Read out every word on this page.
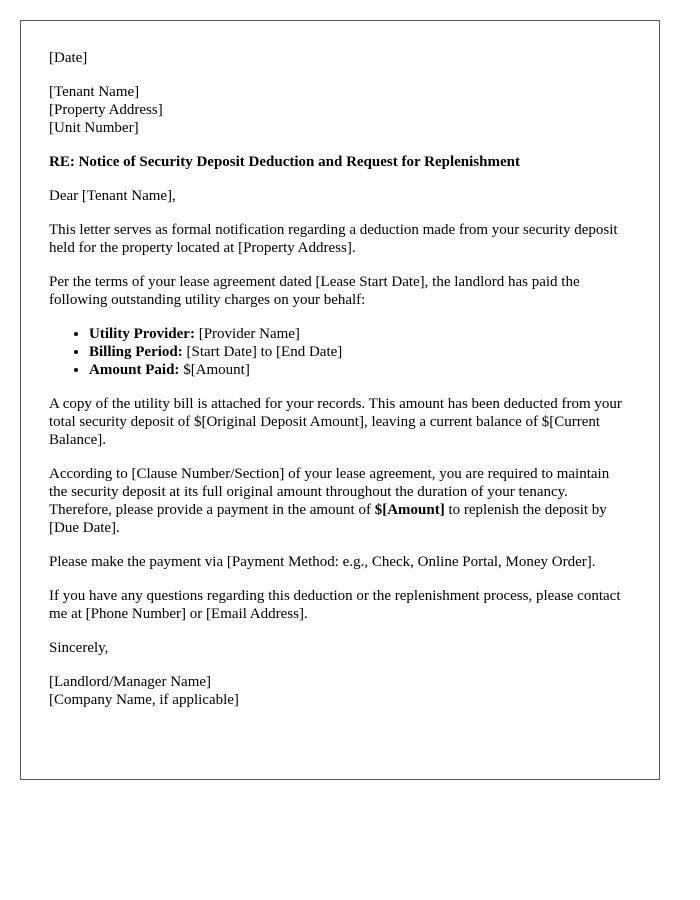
[Date]

[Tenant Name]
[Property Address]
[Unit Number]

RE: Notice of Security Deposit Deduction and Request for Replenishment

Dear [Tenant Name],

This letter serves as formal notification regarding a deduction made from your security deposit held for the property located at [Property Address].

Per the terms of your lease agreement dated [Lease Start Date], the landlord has paid the following outstanding utility charges on your behalf:

• Utility Provider: [Provider Name]
• Billing Period: [Start Date] to [End Date]
• Amount Paid: $[Amount]

A copy of the utility bill is attached for your records. This amount has been deducted from your total security deposit of $[Original Deposit Amount], leaving a current balance of $[Current Balance].

According to [Clause Number/Section] of your lease agreement, you are required to maintain the security deposit at its full original amount throughout the duration of your tenancy. Therefore, please provide a payment in the amount of $[Amount] to replenish the deposit by [Due Date].

Please make the payment via [Payment Method: e.g., Check, Online Portal, Money Order].

If you have any questions regarding this deduction or the replenishment process, please contact me at [Phone Number] or [Email Address].

Sincerely,

[Landlord/Manager Name]
[Company Name, if applicable]
